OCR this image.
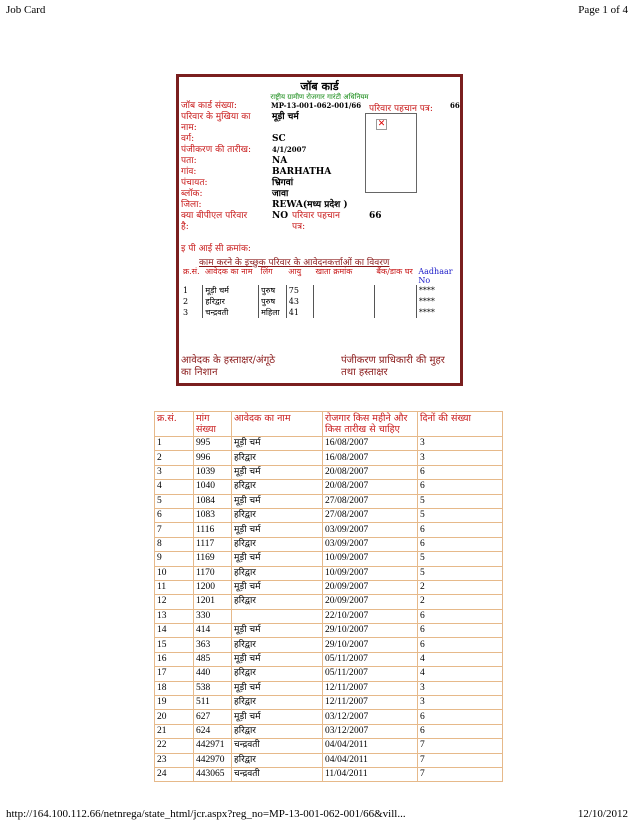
Job Card	Page 1 of 4
जॉब कार्ड
राष्ट्रीय ग्रामीण रोजगार गारंटी अधिनियम
जॉब कार्ड संख्या:	MP-13-001-062-001/66 परिवार पहचान पत्र: 66
✕
परिवार के मुखिया का मूड़ी चर्म
नाम:
वर्ग:	SC
पंजीकरण की तारीख:	4/1/2007
पता:	NA
गांव:	BARHATHA
पंचायत:	भ्रिगवां
ब्लॉक:	जावा
जिला:	REWA(मध्य प्रदेश )
क्या बीपीएल परिवार
है:
NO परिवार पहचान
पत्र:
66
इ पी आई सी क्रमांक:
काम करने के इच्छुक परिवार के आवेदनकर्त्ताओं का विवरण
क्र.सं.	आवेदक का नाम	लिंग	आयु	खाता क्रमांक	बैंक/डाक घर	Aadhaar No
1	मूड़ी चर्म	पुरुष	75			****
2	हरिद्वार	पुरुष	43			****
3	चन्द्रवती	महिला	41			****
आवेदक के हस्ताक्षर/अंगूठे
का निशान
पंजीकरण प्राधिकारी की मुहर
तथा हस्ताक्षर
क्र.सं.	मांग संख्या	आवेदक का नाम	रोजगार किस महीने और किस तारीख से चाहिए	दिनों की संख्या
1	995	मूड़ी चर्म	16/08/2007	3
2	996	हरिद्वार	16/08/2007	3
3	1039	मूड़ी चर्म	20/08/2007	6
4	1040	हरिद्वार	20/08/2007	6
5	1084	मूड़ी चर्म	27/08/2007	5
6	1083	हरिद्वार	27/08/2007	5
7	1116	मूड़ी चर्म	03/09/2007	6
8	1117	हरिद्वार	03/09/2007	6
9	1169	मूड़ी चर्म	10/09/2007	5
10	1170	हरिद्वार	10/09/2007	5
11	1200	मूड़ी चर्म	20/09/2007	2
12	1201	हरिद्वार	20/09/2007	2
13	330		22/10/2007	6
14	414	मूड़ी चर्म	29/10/2007	6
15	363	हरिद्वार	29/10/2007	6
16	485	मूड़ी चर्म	05/11/2007	4
17	440	हरिद्वार	05/11/2007	4
18	538	मूड़ी चर्म	12/11/2007	3
19	511	हरिद्वार	12/11/2007	3
20	627	मूड़ी चर्म	03/12/2007	6
21	624	हरिद्वार	03/12/2007	6
22	442971	चन्द्रवती	04/04/2011	7
23	442970	हरिद्वार	04/04/2011	7
24	443065	चन्द्रवती	11/04/2011	7
http://164.100.112.66/netnrega/state_html/jcr.aspx?reg_no=MP-13-001-062-001/66&vill...	12/10/2012
